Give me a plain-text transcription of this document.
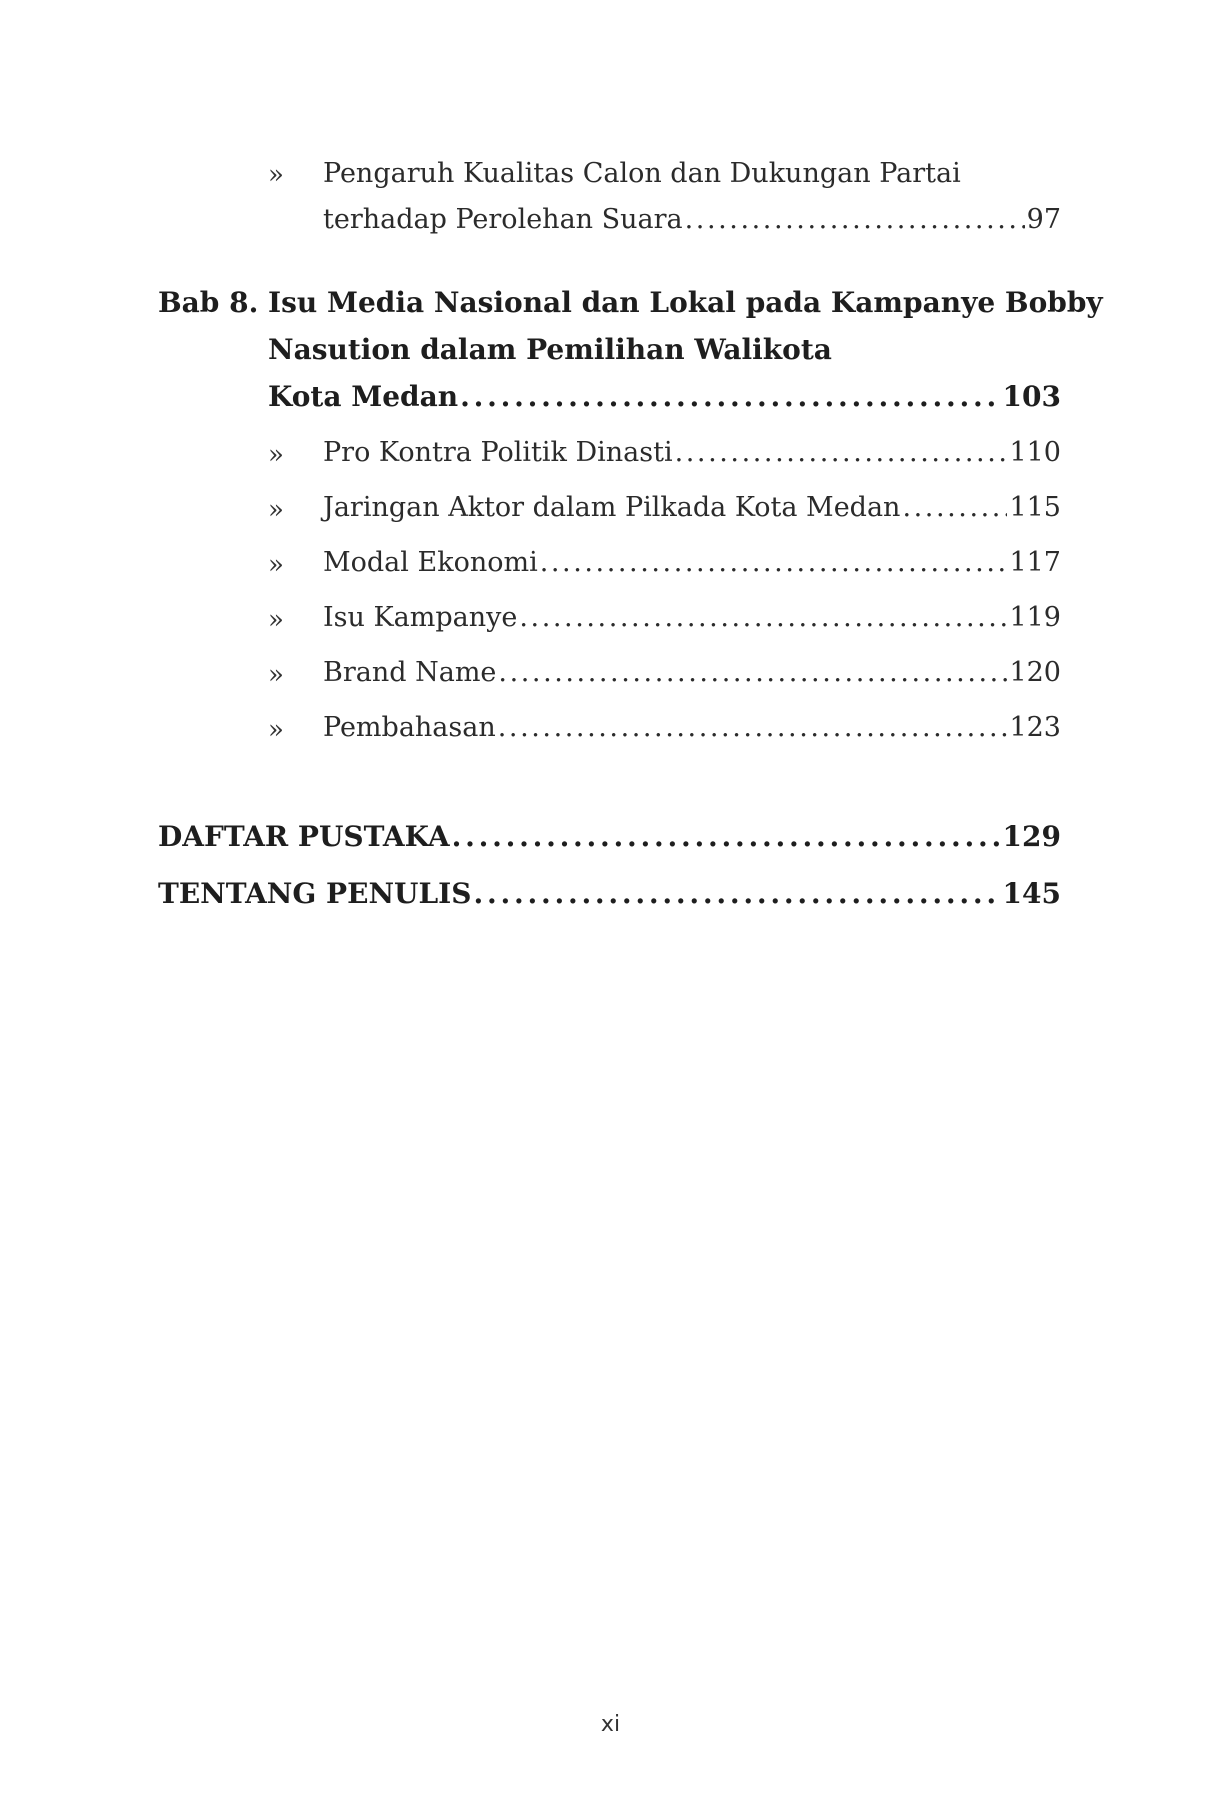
» Pengaruh Kualitas Calon dan Dukungan Partai
terhadap Perolehan Suara . . .	97
Bab 8. Isu Media Nasional dan Lokal pada Kampanye Bobby
Nasution dalam Pemilihan Walikota
Kota Medan . . .	103
» Pro Kontra Politik Dinasti . . .	110
» Jaringan Aktor dalam Pilkada Kota Medan . . .	115
» Modal Ekonomi . . .	117
» Isu Kampanye . . .	119
» Brand Name . . .	120
» Pembahasan . . .	123
DAFTAR PUSTAKA . . .	129
TENTANG PENULIS . . .	145
xi
